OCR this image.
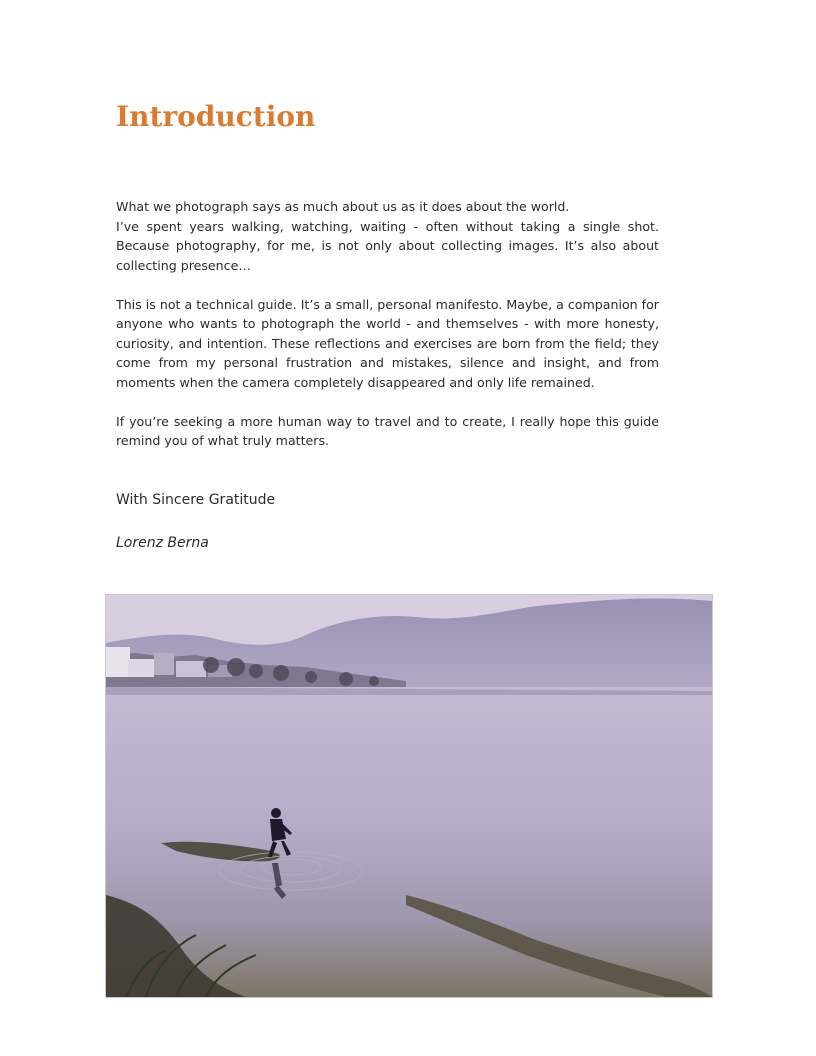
Introduction

What we photograph says as much about us as it does about the world.

I’ve spent years walking, watching, waiting - often without taking a single shot. Because photography, for me, is not only about collecting images. It’s also about collecting presence…

This is not a technical guide. It’s a small, personal manifesto. Maybe, a companion for anyone who wants to photograph the world - and themselves - with more honesty, curiosity, and intention. These reflections and exercises are born from the field; they come from my personal frustration and mistakes, silence and insight, and from moments when the camera completely disappeared and only life remained.

If you’re seeking a more human way to travel and to create, I really hope this guide remind you of what truly matters.

With Sincere Gratitude
Lorenz Berna
